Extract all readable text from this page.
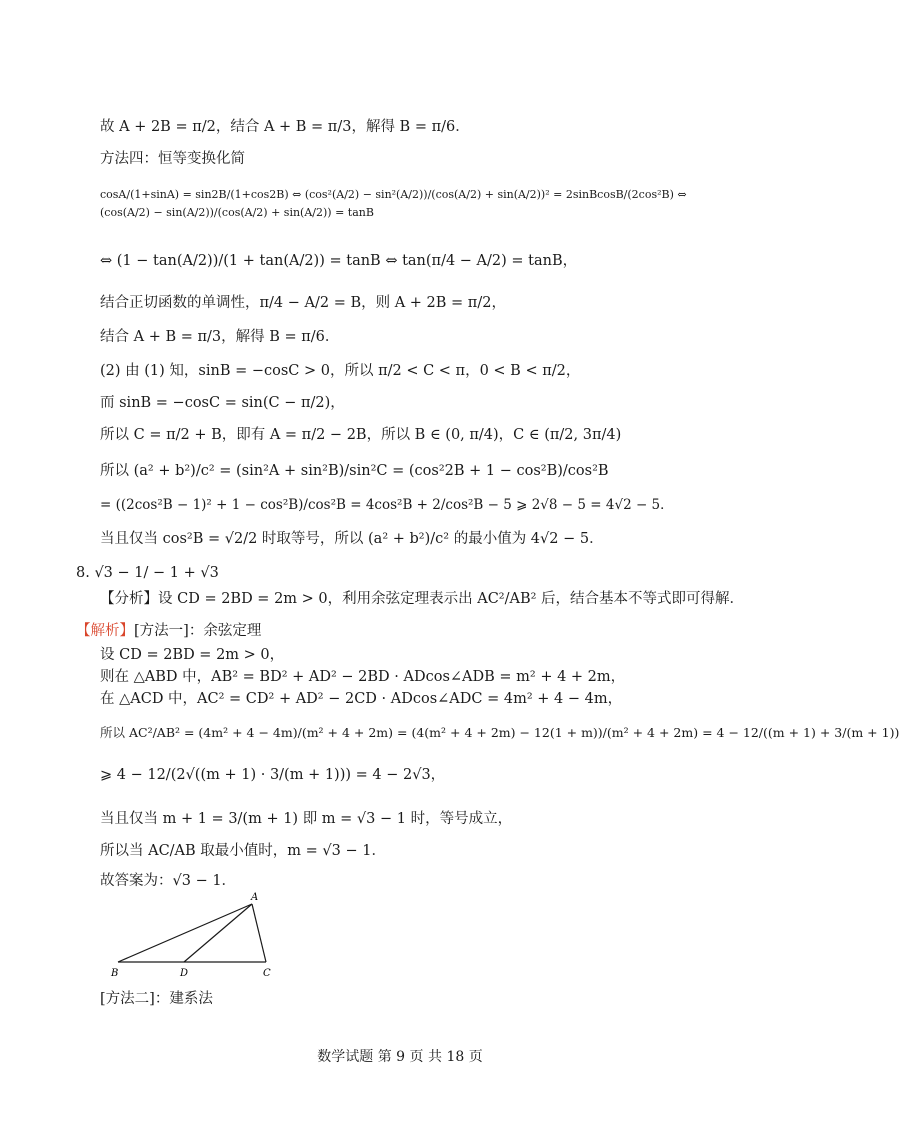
故 A + 2B = π/2，结合 A + B = π/3，解得 B = π/6．
方法四：恒等变换化简
cosA/(1+sinA) = sin2B/(1+cos2B) ⇔ (cos²(A/2) − sin²(A/2))/(cos(A/2) + sin(A/2))² = 2sinBcosB/(2cos²B) ⇔ (cos(A/2) − sin(A/2))/(cos(A/2) + sin(A/2)) = tanB
⇔ (1 − tan(A/2))/(1 + tan(A/2)) = tanB ⇔ tan(π/4 − A/2) = tanB，
结合正切函数的单调性，π/4 − A/2 = B，则 A + 2B = π/2，
结合 A + B = π/3，解得 B = π/6．
(2) 由 (1) 知，sinB = −cosC > 0，所以 π/2 < C < π，0 < B < π/2，
而 sinB = −cosC = sin(C − π/2)，
所以 C = π/2 + B，即有 A = π/2 − 2B，所以 B ∈ (0, π/4)，C ∈ (π/2, 3π/4)
所以 (a² + b²)/c² = (sin²A + sin²B)/sin²C = (cos²2B + 1 − cos²B)/cos²B
= ((2cos²B − 1)² + 1 − cos²B)/cos²B = 4cos²B + 2/cos²B − 5 ⩾ 2√8 − 5 = 4√2 − 5．
当且仅当 cos²B = √2/2 时取等号，所以 (a² + b²)/c² 的最小值为 4√2 − 5．
8. √3 − 1/ − 1 + √3
【分析】设 CD = 2BD = 2m > 0，利用余弦定理表示出 AC²/AB² 后，结合基本不等式即可得解．
【解析】[方法一]：余弦定理
设 CD = 2BD = 2m > 0，
则在 △ABD 中，AB² = BD² + AD² − 2BD · ADcos∠ADB = m² + 4 + 2m，
在 △ACD 中，AC² = CD² + AD² − 2CD · ADcos∠ADC = 4m² + 4 − 4m，
所以 AC²/AB² = (4m² + 4 − 4m)/(m² + 4 + 2m) = (4(m² + 4 + 2m) − 12(1 + m))/(m² + 4 + 2m) = 4 − 12/((m + 1) + 3/(m + 1))
⩾ 4 − 12/(2√((m + 1) · 3/(m + 1))) = 4 − 2√3，
当且仅当 m + 1 = 3/(m + 1) 即 m = √3 − 1 时，等号成立，
所以当 AC/AB 取最小值时，m = √3 − 1．
故答案为：√3 − 1．
A
B	D	C
[方法二]：建系法
数学试题 第 9 页 共 18 页
